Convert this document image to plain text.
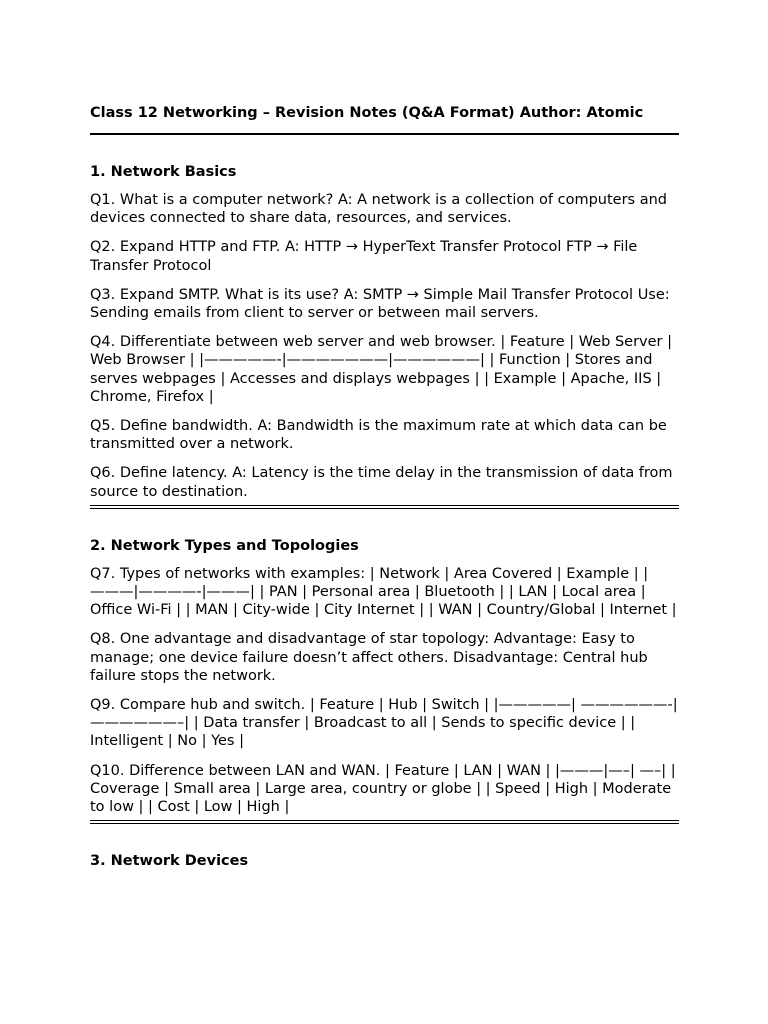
Class 12 Networking – Revision Notes (Q&A Format) Author: Atomic

1. Network Basics

Q1. What is a computer network? A: A network is a collection of computers and devices connected to share data, resources, and services.

Q2. Expand HTTP and FTP. A: HTTP → HyperText Transfer Protocol FTP → File Transfer Protocol

Q3. Expand SMTP. What is its use? A: SMTP → Simple Mail Transfer Protocol Use: Sending emails from client to server or between mail servers.

Q4. Differentiate between web server and web browser. | Feature | Web Server | Web Browser | |—————-|———————|——————| | Function | Stores and serves webpages | Accesses and displays webpages | | Example | Apache, IIS | Chrome, Firefox |

Q5. Define bandwidth. A: Bandwidth is the maximum rate at which data can be transmitted over a network.

Q6. Define latency. A: Latency is the time delay in the transmission of data from source to destination.

2. Network Types and Topologies

Q7. Types of networks with examples: | Network | Area Covered | Example | | ———|————-|———| | PAN | Personal area | Bluetooth | | LAN | Local area | Office Wi-Fi | | MAN | City-wide | City Internet | | WAN | Country/Global | Internet |

Q8. One advantage and disadvantage of star topology: Advantage: Easy to manage; one device failure doesn’t affect others. Disadvantage: Central hub failure stops the network.

Q9. Compare hub and switch. | Feature | Hub | Switch | |—————| ——————-|——————–| | Data transfer | Broadcast to all | Sends to specific device | | Intelligent | No | Yes |

Q10. Difference between LAN and WAN. | Feature | LAN | WAN | |———|—–| —–| | Coverage | Small area | Large area, country or globe | | Speed | High | Moderate to low | | Cost | Low | High |

3. Network Devices
